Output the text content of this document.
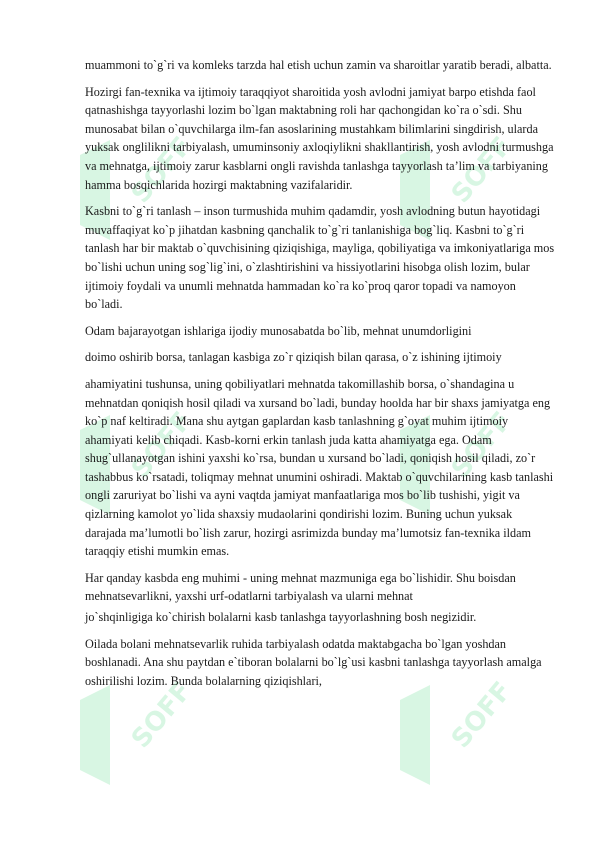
SOFF	SOFF
SOFF	SOFF
SOFF	SOFF

muammoni to`g`ri va komleks tarzda hal etish uchun zamin va sharoitlar yaratib beradi, albatta.

Hozirgi fan-texnika va ijtimoiy taraqqiyot sharoitida yosh avlodni jamiyat barpo etishda faol qatnashishga tayyorlashi lozim bo`lgan maktabning roli har qachongidan ko`ra o`sdi. Shu munosabat bilan o`quvchilarga ilm-fan asoslarining mustahkam bilimlarini singdirish, ularda yuksak onglilikni tarbiyalash, umuminsoniy axloqiylikni shakllantirish, yosh avlodni turmushga va mehnatga, ijtimoiy zarur kasblarni ongli ravishda tanlashga tayyorlash ta’lim va tarbiyaning hamma bosqichlarida hozirgi maktabning vazifalaridir.

Kasbni to`g`ri tanlash – inson turmushida muhim qadamdir, yosh avlodning butun hayotidagi muvaffaqiyat ko`p jihatdan kasbning qanchalik to`g`ri tanlanishiga bog`liq. Kasbni to`g`ri tanlash har bir maktab o`quvchisining qiziqishiga, mayliga, qobiliyatiga va imkoniyatlariga mos bo`lishi uchun uning sog`lig`ini, o`zlashtirishini va hissiyotlarini hisobga olish lozim, bular ijtimoiy foydali va unumli mehnatda hammadan ko`ra ko`proq qaror topadi va namoyon bo`ladi.

Odam bajarayotgan ishlariga ijodiy munosabatda bo`lib, mehnat unumdorligini

doimo oshirib borsa, tanlagan kasbiga zo`r qiziqish bilan qarasa, o`z ishining ijtimoiy

ahamiyatini tushunsa, uning qobiliyatlari mehnatda takomillashib borsa, o`shandagina u mehnatdan qoniqish hosil qiladi va xursand bo`ladi, bunday hoolda har bir shaxs jamiyatga eng ko`p naf keltiradi. Mana shu aytgan gaplardan kasb tanlashning g`oyat muhim ijtimoiy ahamiyati kelib chiqadi. Kasb-korni erkin tanlash juda katta ahamiyatga ega. Odam shug`ullanayotgan ishini yaxshi ko`rsa, bundan u xursand bo`ladi, qoniqish hosil qiladi, zo`r tashabbus ko`rsatadi, toliqmay mehnat unumini oshiradi. Maktab o`quvchilarining kasb tanlashi ongli zaruriyat bo`lishi va ayni vaqtda jamiyat manfaatlariga mos bo`lib tushishi, yigit va qizlarning kamolot yo`lida shaxsiy mudaolarini qondirishi lozim. Buning uchun yuksak darajada ma’lumotli bo`lish zarur, hozirgi asrimizda bunday ma’lumotsiz fan-texnika ildam taraqqiy etishi mumkin emas.

Har qanday kasbda eng muhimi - uning mehnat mazmuniga ega bo`lishidir. Shu boisdan mehnatsevarlikni, yaxshi urf-odatlarni tarbiyalash va ularni mehnat

jo`shqinligiga ko`chirish bolalarni kasb tanlashga tayyorlashning bosh negizidir.

Oilada bolani mehnatsevarlik ruhida tarbiyalash odatda maktabgacha bo`lgan yoshdan boshlanadi. Ana shu paytdan e`tiboran bolalarni bo`lg`usi kasbni tanlashga tayyorlash amalga oshirilishi lozim. Bunda bolalarning qiziqishlari,
